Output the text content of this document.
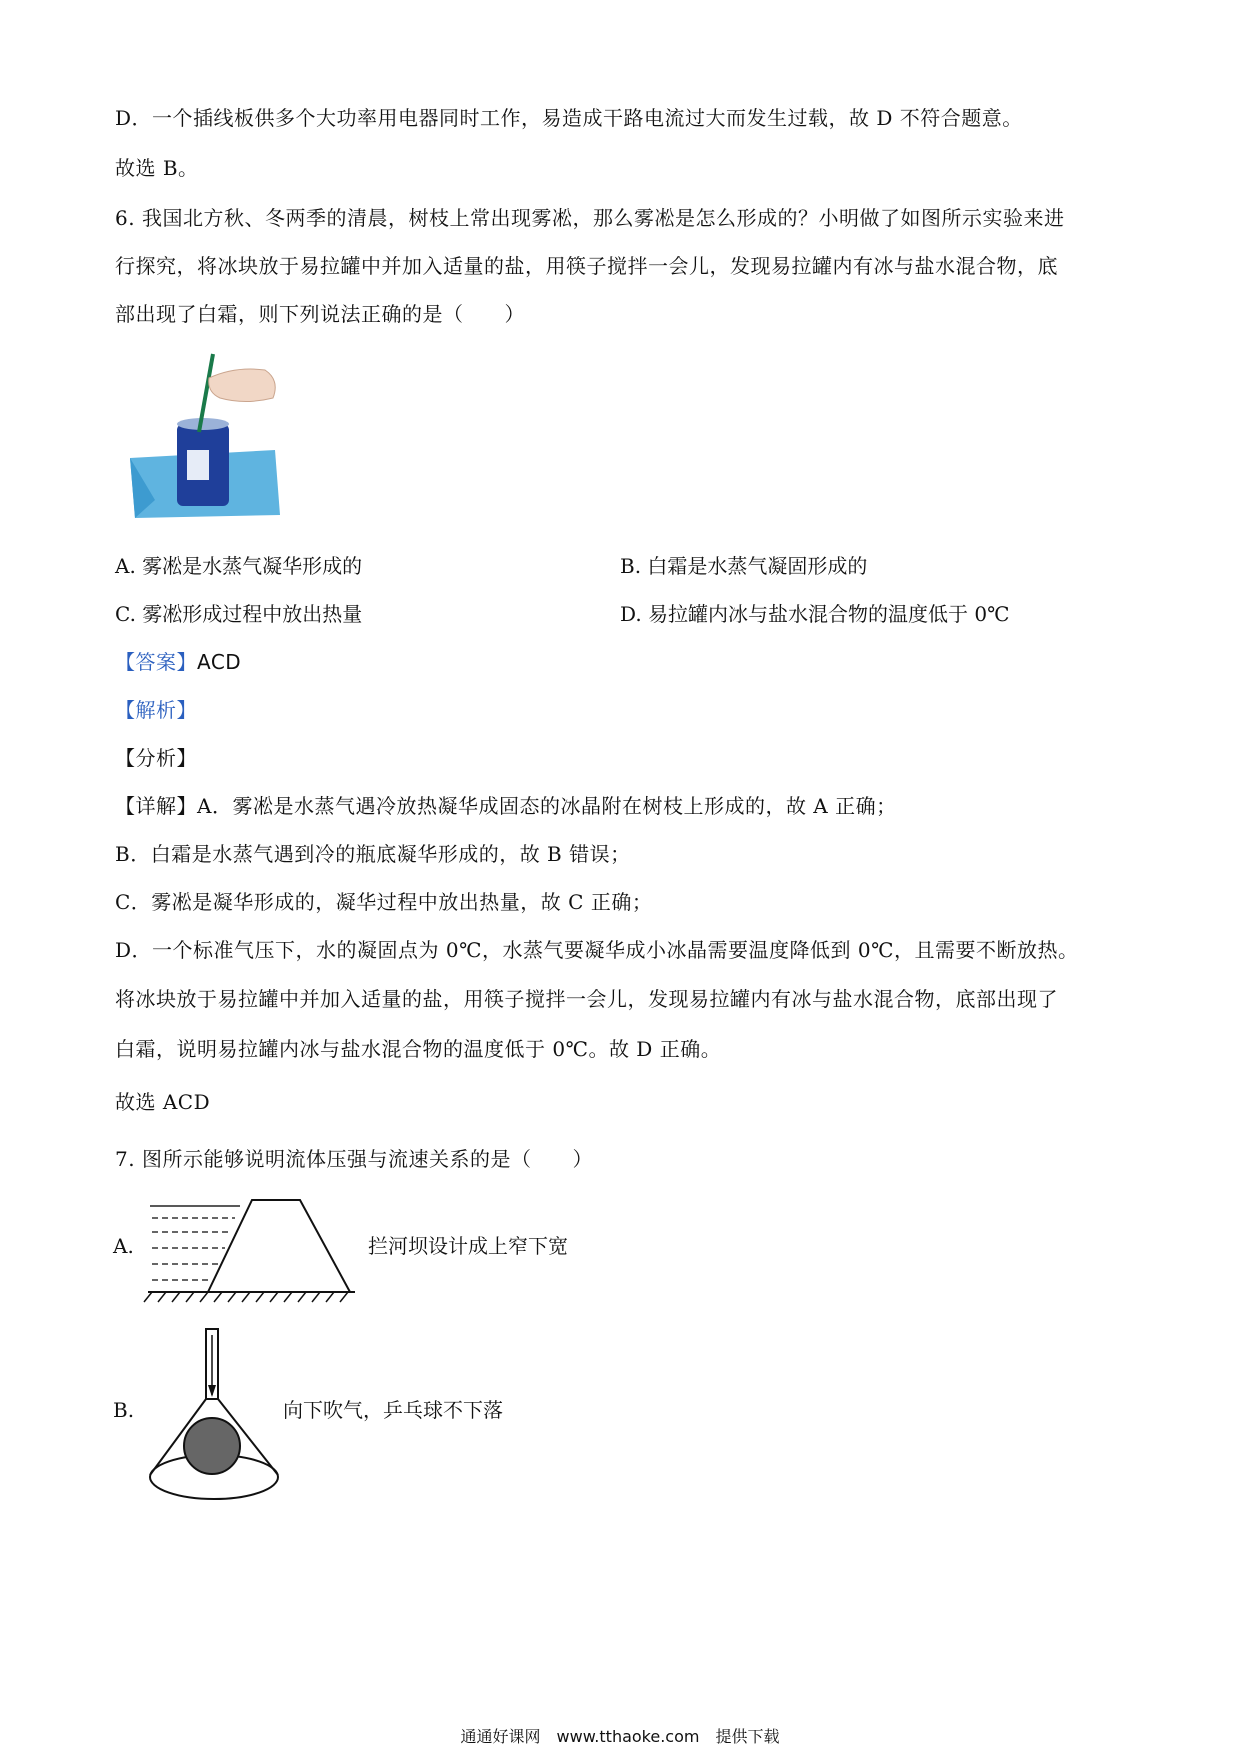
D．一个插线板供多个大功率用电器同时工作，易造成干路电流过大而发生过载，故 D 不符合题意。
故选 B。
6. 我国北方秋、冬两季的清晨，树枝上常出现雾凇，那么雾凇是怎么形成的？小明做了如图所示实验来进
行探究，将冰块放于易拉罐中并加入适量的盐，用筷子搅拌一会儿，发现易拉罐内有冰与盐水混合物，底
部出现了白霜，则下列说法正确的是（　　）
A. 雾凇是水蒸气凝华形成的	B. 白霜是水蒸气凝固形成的
C. 雾凇形成过程中放出热量	D. 易拉罐内冰与盐水混合物的温度低于 0℃
【答案】ACD
【解析】
【分析】
【详解】A．雾凇是水蒸气遇冷放热凝华成固态的冰晶附在树枝上形成的，故 A 正确；
B．白霜是水蒸气遇到冷的瓶底凝华形成的，故 B 错误；
C．雾凇是凝华形成的，凝华过程中放出热量，故 C 正确；
D．一个标准气压下，水的凝固点为 0℃，水蒸气要凝华成小冰晶需要温度降低到 0℃，且需要不断放热。
将冰块放于易拉罐中并加入适量的盐，用筷子搅拌一会儿，发现易拉罐内有冰与盐水混合物，底部出现了
白霜，说明易拉罐内冰与盐水混合物的温度低于 0℃。故 D 正确。
故选 ACD
7. 图所示能够说明流体压强与流速关系的是（　　）
A.	拦河坝设计成上窄下宽
B.	向下吹气，乒乓球不下落
通通好课网　www.tthaoke.com　提供下载
